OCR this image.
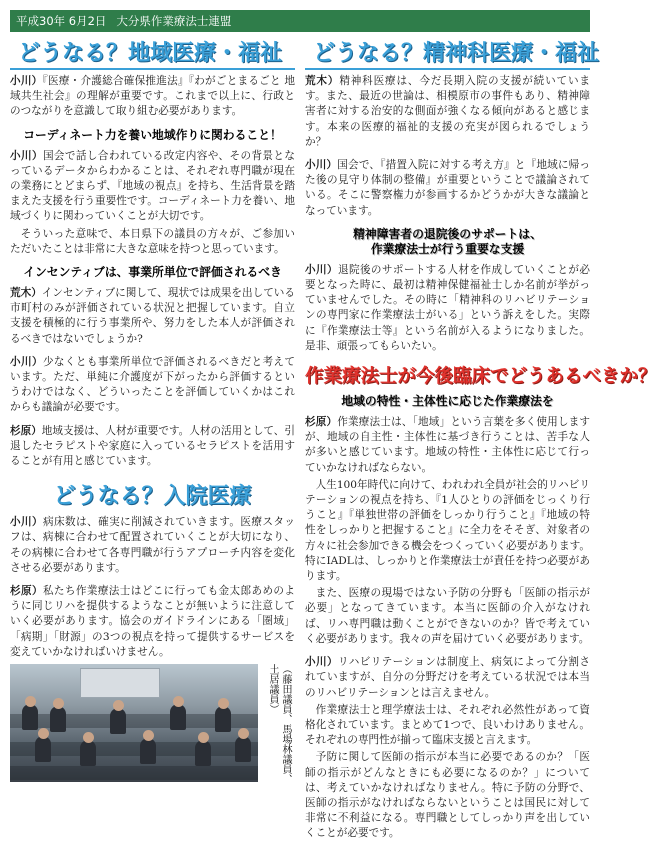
平成30年 6月2日 大分県作業療法士連盟
どうなる？地域医療・福祉

小川）『医療・介護総合確保推進法』『わがごとまるごと 地域共生社会』の理解が重要です。これまで以上に、行政とのつながりを意識して取り組む必要があります。

コーディネート力を養い地域作りに関わること！

小川）国会で話し合われている改定内容や、その背景となっているデータからわかることは、それぞれ専門職が現在の業務にとどまらず、『地域の視点』を持ち、生活背景を踏まえた支援を行う重要性です。コーディネート力を養い、地域づくりに関わっていくことが大切です。

そういった意味で、本日県下の議員の方々が、ご参加いただいたことは非常に大きな意味を持つと思っています。

インセンティブは、事業所単位で評価されるべき

荒木）インセンティブに関して、現状では成果を出している市町村のみが評価されている状況と把握しています。自立支援を積極的に行う事業所や、努力をした本人が評価されるべきではないでしょうか?

小川）少なくとも事業所単位で評価されるべきだと考えています。ただ、単純に介護度が下がったから評価するというわけではなく、どういったことを評価していくかはこれからも議論が必要です。

杉原）地域支援は、人材が重要です。人材の活用として、引退したセラピストや家庭に入っているセラピストを活用することが有用と感じています。

どうなる？入院医療

小川）病床数は、確実に削減されていきます。医療スタッフは、病棟に合わせて配置されていくことが大切になり、その病棟に合わせて各専門職が行うアプローチ内容を変化させる必要があります。

杉原）私たち作業療法士はどこに行っても金太郎あめのように同じリハを提供するようなことが無いように注意していく必要があります。協会のガイドラインにある「圏域」「病期」「財源」の3つの視点を持って提供するサービスを変えていかなければいけません。

（藤田議員、馬場林議員、土居議員）
どうなる？精神科医療・福祉

荒木）精神科医療は、今だ長期入院の支援が続いています。また、最近の世論は、相模原市の事件もあり、精神障害者に対する治安的な側面が強くなる傾向があると感じます。本来の医療的福祉的支援の充実が図られるでしょうか？

小川）国会で、『措置入院に対する考え方』と『地域に帰った後の見守り体制の整備』が重要ということで議論されている。そこに警察権力が参画するかどうかが大きな議論となっています。

精神障害者の退院後のサポートは、
作業療法士が行う重要な支援

小川）退院後のサポートする人材を作成していくことが必要となった時に、最初は精神保健福祉士しか名前が挙がっていませんでした。その時に「精神科のリハビリテーションの専門家に作業療法士がいる」という訴えをした。実際に『作業療法士等』という名前が入るようになりました。是非、頑張ってもらいたい。

作業療法士が今後臨床でどうあるべきか？
地域の特性・主体性に応じた作業療法を

杉原）作業療法士は、「地域」という言葉を多く使用しますが、地域の自主性・主体性に基づき行うことは、苦手な人が多いと感じています。地域の特性・主体性に応じて行っていかなければならない。

人生100年時代に向けて、われわれ全員が社会的リハビリテーションの視点を持ち、『1人ひとりの評価をじっくり行うこと』『単独世帯の評価をしっかり行うこと』『地域の特性をしっかりと把握すること』に全力をそそぎ、対象者の方々に社会参加できる機会をつくっていく必要があります。特にIADLは、しっかりと作業療法士が責任を持つ必要があります。

また、医療の現場ではない予防の分野も「医師の指示が必要」となってきています。本当に医師の介入がなければ、リハ専門職は動くことができないのか？皆で考えていく必要があります。我々の声を届けていく必要があります。

小川）リハビリテーションは制度上、病気によって分割されていますが、自分の分野だけを考えている状況では本当のリハビリテーションとは言えません。

作業療法士と理学療法士は、それぞれ必然性があって資格化されています。まとめて1つで、良いわけありません。それぞれの専門性が揃って臨床支援と言えます。

予防に関して医師の指示が本当に必要であるのか？「医師の指示がどんなときにも必要になるのか？」については、考えていかなければなりません。特に予防の分野で、医師の指示がなければならないということは国民に対して非常に不利益になる。専門職としてしっかり声を出していくことが必要です。
